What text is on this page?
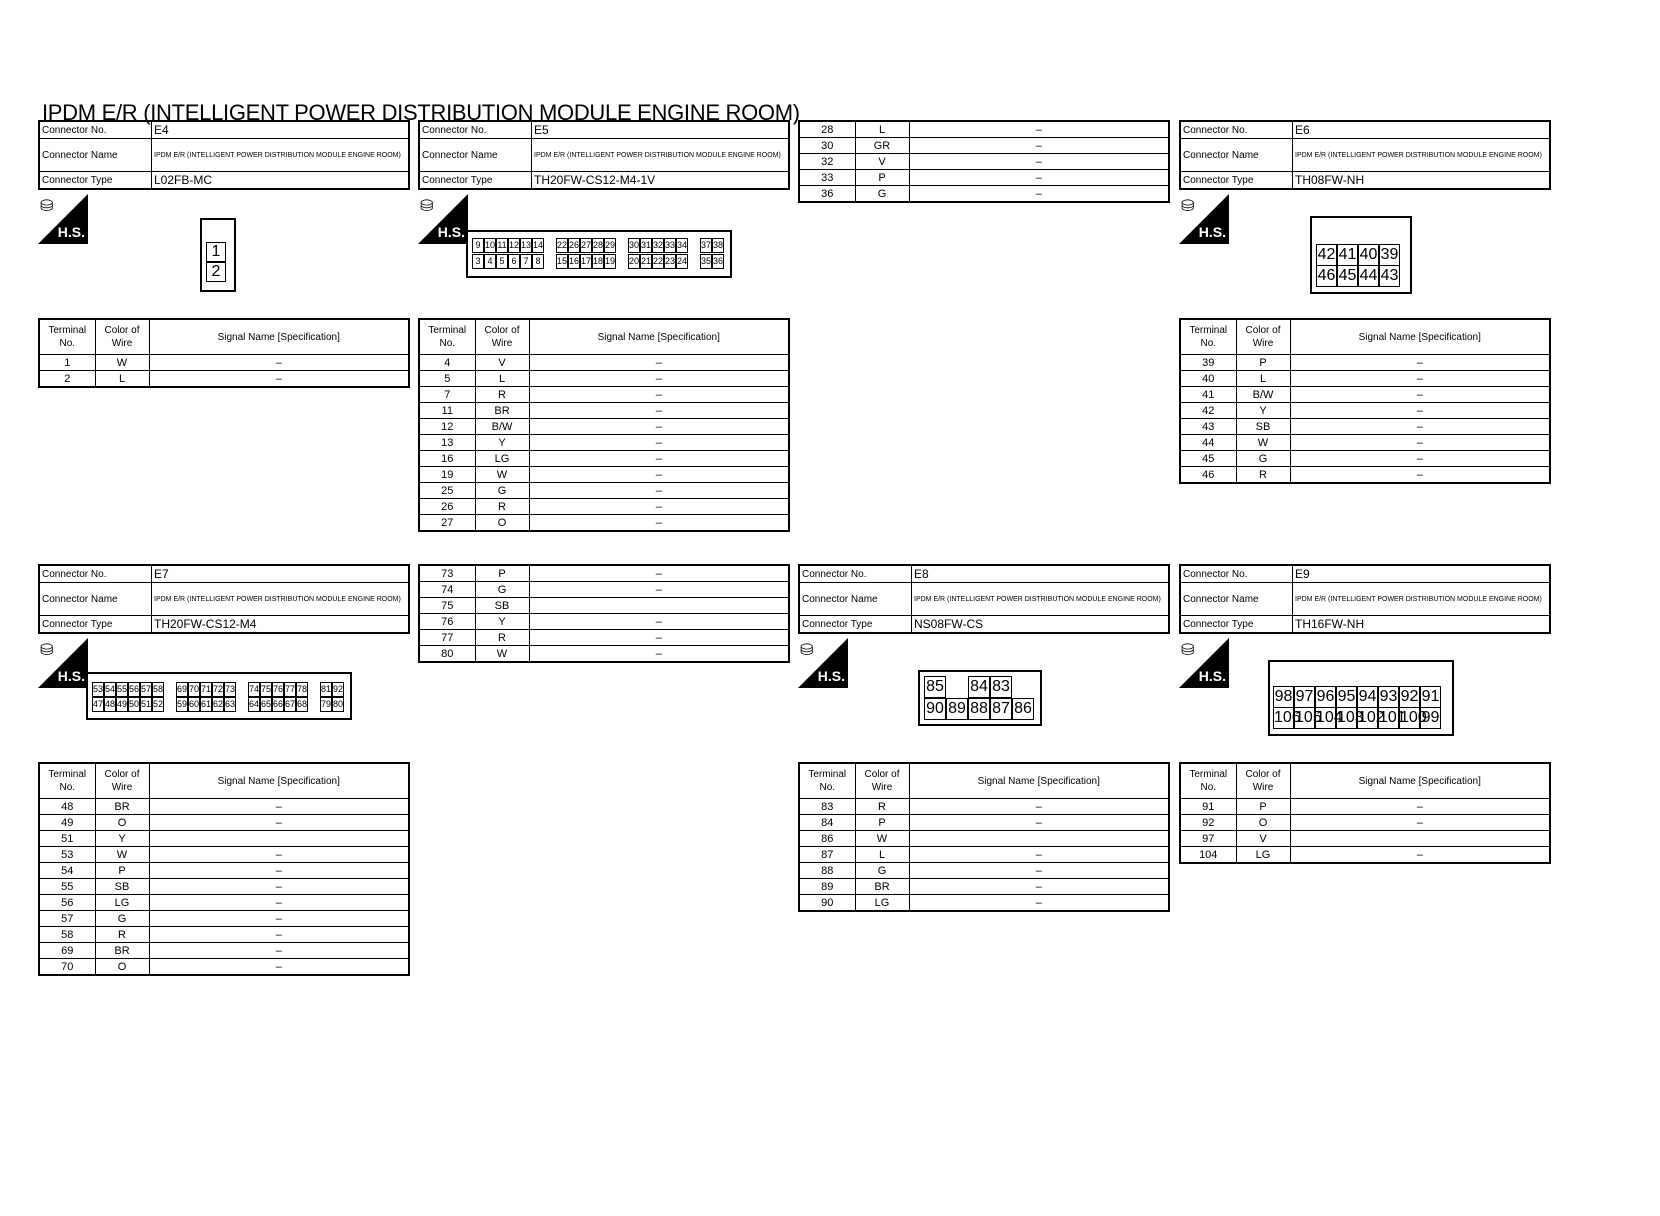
IPDM E/R (INTELLIGENT POWER DISTRIBUTION MODULE ENGINE ROOM)
Connector No.	E4
Connector Name	IPDM E/R (INTELLIGENT POWER DISTRIBUTION MODULE ENGINE ROOM)
Connector Type	L02FB-MC
⛁
H.S.
1
2
Terminal No.	Color of Wire	Signal Name [Specification]
1	W	–
2	L	–
Connector No.	E5
Connector Name	IPDM E/R (INTELLIGENT POWER DISTRIBUTION MODULE ENGINE ROOM)
Connector Type	TH20FW-CS12-M4-1V
⛁
H.S.
9 10 11 12 13 14 22 26 27 28 29 30 31 32 33 34 37 38
3 4 5 6 7 8	15 16 17 18 19 20 21 22 23 24 35 36
Terminal No.	Color of Wire	Signal Name [Specification]
4	V	–
5	L	–
7	R	–
11	BR	–
12	B/W	–
13	Y	–
16	LG	–
19	W	–
25	G	–
26	R	–
27	O	–
28	L	–
30	GR	–
32	V	–
33	P	–
36	G	–
Connector No.	E6
Connector Name	IPDM E/R (INTELLIGENT POWER DISTRIBUTION MODULE ENGINE ROOM)
Connector Type	TH08FW-NH
⛁
H.S.
42 41 40 39
46 45 44 43
Terminal No.	Color of Wire	Signal Name [Specification]
39	P	–
40	L	–
41	B/W	–
42	Y	–
43	SB	–
44	W	–
45	G	–
46	R	–
Connector No.	E7
Connector Name	IPDM E/R (INTELLIGENT POWER DISTRIBUTION MODULE ENGINE ROOM)
Connector Type	TH20FW-CS12-M4
⛁
H.S.
53 54 55 56 57 58 69 70 71 72 73 74 75 76 77 78 81 92
47 48 49 50 51 52 59 60 61 62 63 64 65 66 67 68 79 80
Terminal No.	Color of Wire	Signal Name [Specification]
48	BR	–
49	O	–
51	Y	
53	W	–
54	P	–
55	SB	–
56	LG	–
57	G	–
58	R	–
69	BR	–
70	O	–
73	P	–
74	G	–
75	SB	
76	Y	–
77	R	–
80	W	–
Connector No.	E8
Connector Name	IPDM E/R (INTELLIGENT POWER DISTRIBUTION MODULE ENGINE ROOM)
Connector Type	NS08FW-CS
⛁
H.S.
85 84 83
90 89 88 87 86
Terminal No.	Color of Wire	Signal Name [Specification]
83	R	–
84	P	–
86	W	
87	L	–
88	G	–
89	BR	–
90	LG	–
Connector No.	E9
Connector Name	IPDM E/R (INTELLIGENT POWER DISTRIBUTION MODULE ENGINE ROOM)
Connector Type	TH16FW-NH
⛁
H.S.
98 97 96 95 94 93 92 91
106
105
104
103
102
101
100
99
Terminal No.	Color of Wire	Signal Name [Specification]
91	P	–
92	O	–
97	V	
104	LG	–
